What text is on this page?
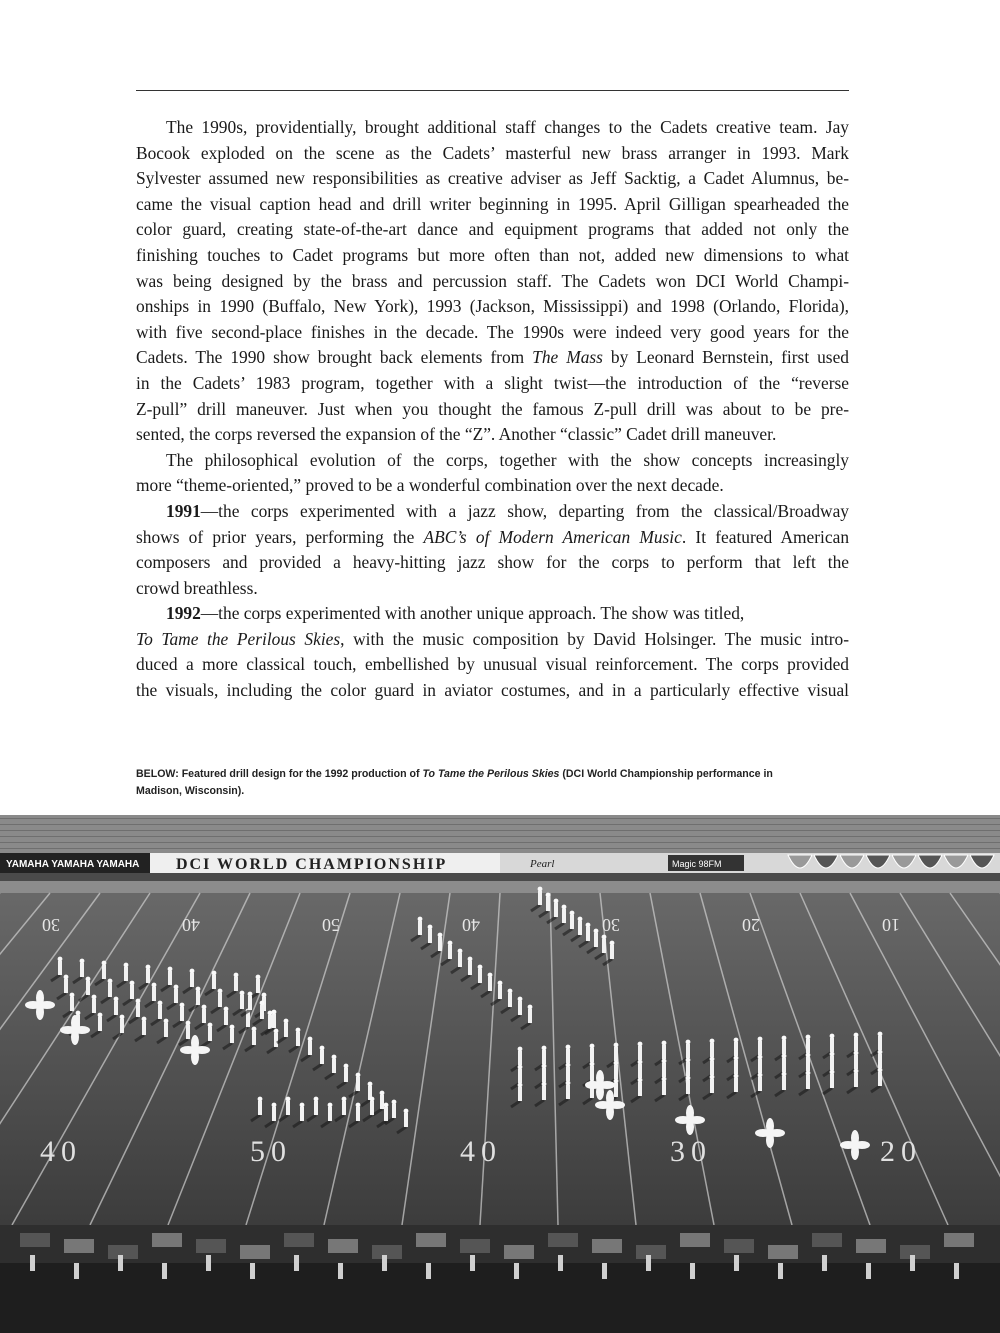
The 1990s, providentially, brought additional staff changes to the Cadets creative team. Jay
Bocook exploded on the scene as the Cadets’ masterful new brass arranger in 1993. Mark
Sylvester assumed new responsibilities as creative adviser as Jeff Sacktig, a Cadet Alumnus, be-
came the visual caption head and drill writer beginning in 1995. April Gilligan spearheaded the
color guard, creating state-of-the-art dance and equipment programs that added not only the
finishing touches to Cadet programs but more often than not, added new dimensions to what
was being designed by the brass and percussion staff. The Cadets won DCI World Champi-
onships in 1990 (Buffalo, New York), 1993 (Jackson, Mississippi) and 1998 (Orlando, Florida),
with five second-place finishes in the decade. The 1990s were indeed very good years for the
Cadets. The 1990 show brought back elements from The Mass by Leonard Bernstein, first used
in the Cadets’ 1983 program, together with a slight twist—the introduction of the “reverse
Z-pull” drill maneuver. Just when you thought the famous Z-pull drill was about to be pre-
sented, the corps reversed the expansion of the “Z”. Another “classic” Cadet drill maneuver.

The philosophical evolution of the corps, together with the show concepts increasingly
more “theme-oriented,” proved to be a wonderful combination over the next decade.

1991—the corps experimented with a jazz show, departing from the classical/Broadway
shows of prior years, performing the ABC’s of Modern American Music. It featured American
composers and provided a heavy-hitting jazz show for the corps to perform that left the
crowd breathless.

1992—the corps experimented with another unique approach. The show was titled,
To Tame the Perilous Skies, with the music composition by David Holsinger. The music intro-
duced a more classical touch, embellished by unusual visual reinforcement. The corps provided
the visuals, including the color guard in aviator costumes, and in a particularly effective visual

BELOW: Featured drill design for the 1992 production of To Tame the Perilous Skies (DCI World Championship performance in
Madison, Wisconsin).
YAMAHA YAMAHA YAMAHA DCI WORLD CHAMPIONSHIP	Pearl	Magic 98FM
30	40	50	40	30	20	10
40	50	40	30	20
